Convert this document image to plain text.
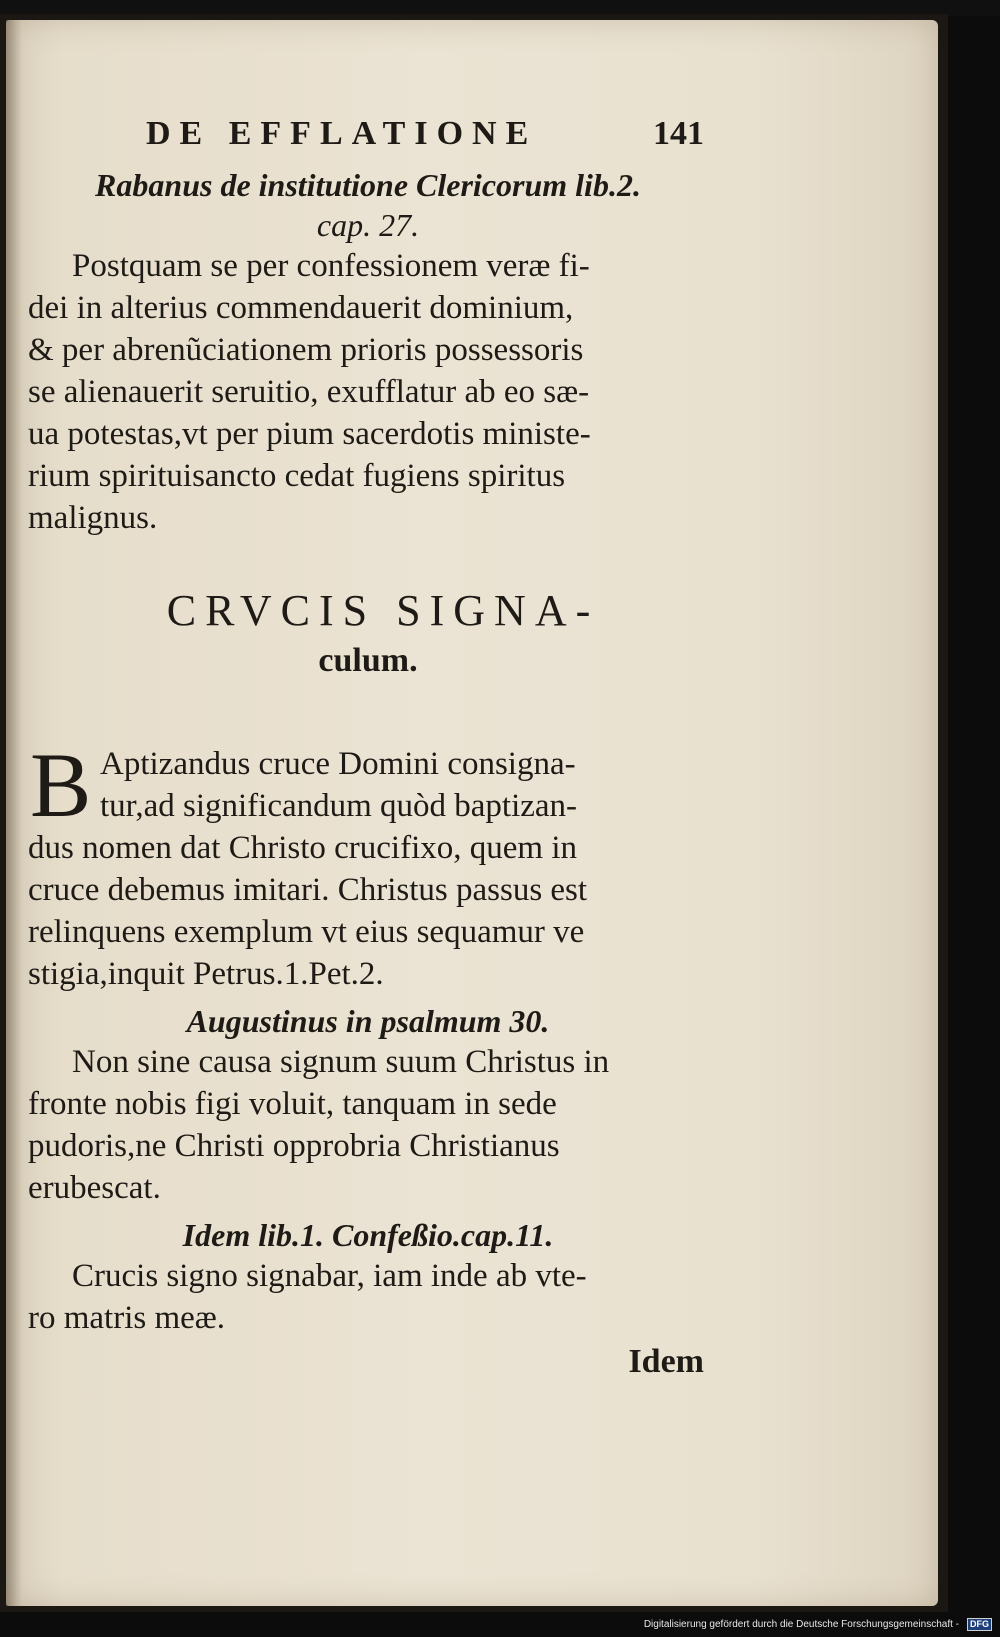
DE EFFLATIONE	141
Rabanus de institutione Clericorum lib.2.
cap. 27.
Postquam se per confessionem veræ fi-
dei in alterius commendauerit dominium,
& per abrenũciationem prioris possessoris
se alienauerit seruitio, exufflatur ab eo sæ-
ua potestas,vt per pium sacerdotis ministe-
rium spirituisancto cedat fugiens spiritus
malignus.
CRVCIS SIGNA-
culum.
B Aptizandus cruce Domini consigna-
tur,ad significandum quòd baptizan-
dus nomen dat Christo crucifixo, quem in
cruce debemus imitari. Christus passus est
relinquens exemplum vt eius sequamur ve
stigia,inquit Petrus.1.Pet.2.
Augustinus in psalmum 30.
Non sine causa signum suum Christus in
fronte nobis figi voluit, tanquam in sede
pudoris,ne Christi opprobria Christianus
erubescat.
Idem lib.1. Confeßio.cap.11.
Crucis signo signabar, iam inde ab vte-
ro matris meæ.
Idem
Digitalisierung gefördert durch die Deutsche Forschungsgemeinschaft - DFG
